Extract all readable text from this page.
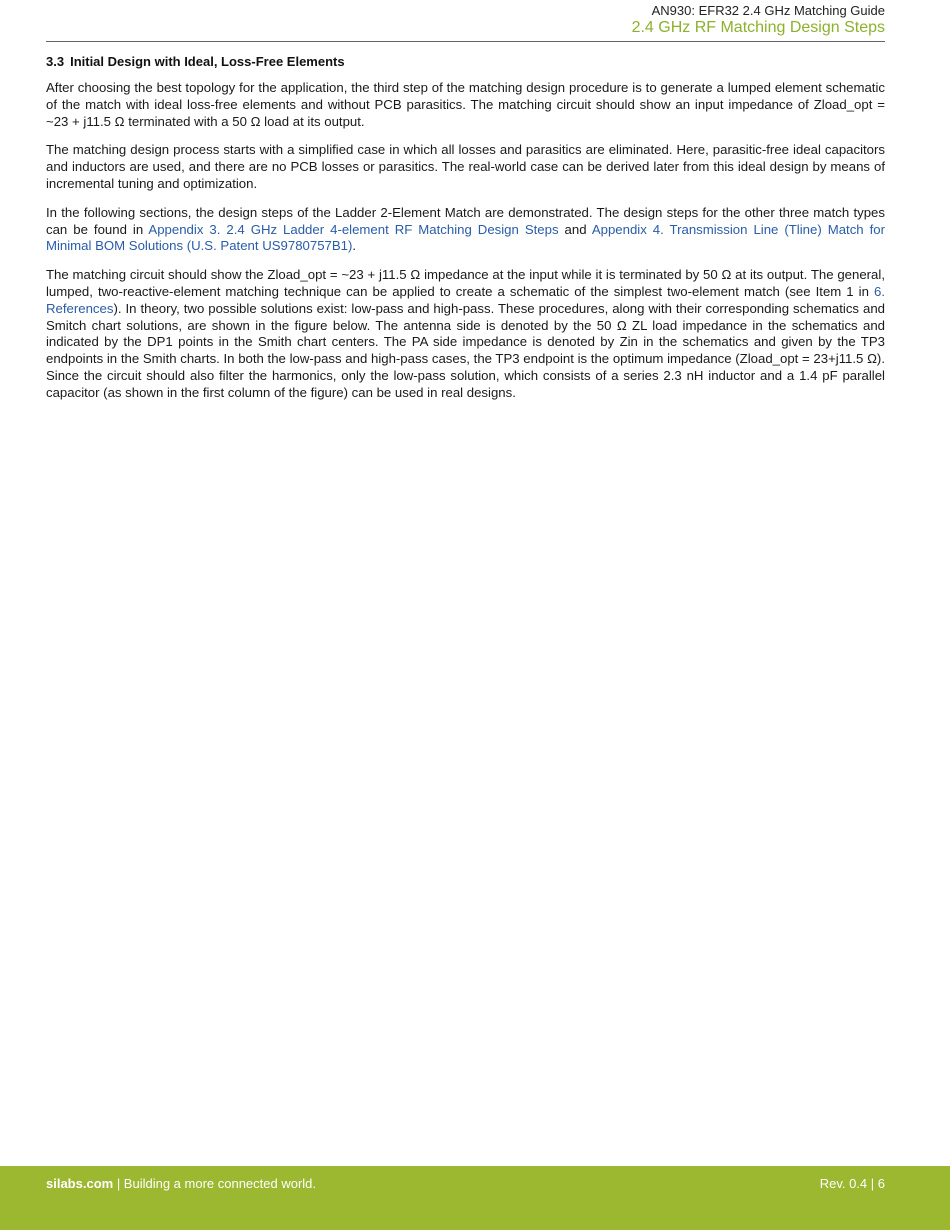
AN930: EFR32 2.4 GHz Matching Guide
2.4 GHz RF Matching Design Steps
3.3 Initial Design with Ideal, Loss-Free Elements

After choosing the best topology for the application, the third step of the matching design procedure is to generate a lumped element schematic of the match with ideal loss-free elements and without PCB parasitics. The matching circuit should show an input impedance of Zload_opt = ~23 + j11.5 Ω terminated with a 50 Ω load at its output.

The matching design process starts with a simplified case in which all losses and parasitics are eliminated. Here, parasitic-free ideal capacitors and inductors are used, and there are no PCB losses or parasitics. The real-world case can be derived later from this ideal design by means of incremental tuning and optimization.

In the following sections, the design steps of the Ladder 2-Element Match are demonstrated. The design steps for the other three match types can be found in Appendix 3. 2.4 GHz Ladder 4-element RF Matching Design Steps and Appendix 4. Transmission Line (Tline) Match for Minimal BOM Solutions (U.S. Patent US9780757B1).

The matching circuit should show the Zload_opt = ~23 + j11.5 Ω impedance at the input while it is terminated by 50 Ω at its output. The general, lumped, two-reactive-element matching technique can be applied to create a schematic of the simplest two-element match (see Item 1 in 6. References). In theory, two possible solutions exist: low-pass and high-pass. These procedures, along with their corresponding schematics and Smitch chart solutions, are shown in the figure below. The antenna side is denoted by the 50 Ω ZL load impedance in the schematics and indicated by the DP1 points in the Smith chart centers. The PA side impedance is denoted by Zin in the schematics and given by the TP3 endpoints in the Smith charts. In both the low-pass and high-pass cases, the TP3 endpoint is the optimum impedance (Zload_opt = 23+j11.5 Ω). Since the circuit should also filter the harmonics, only the low-pass solution, which consists of a series 2.3 nH inductor and a 1.4 pF parallel capacitor (as shown in the first column of the figure) can be used in real designs.

silabs.com | Building a more connected world.	Rev. 0.4 | 6
